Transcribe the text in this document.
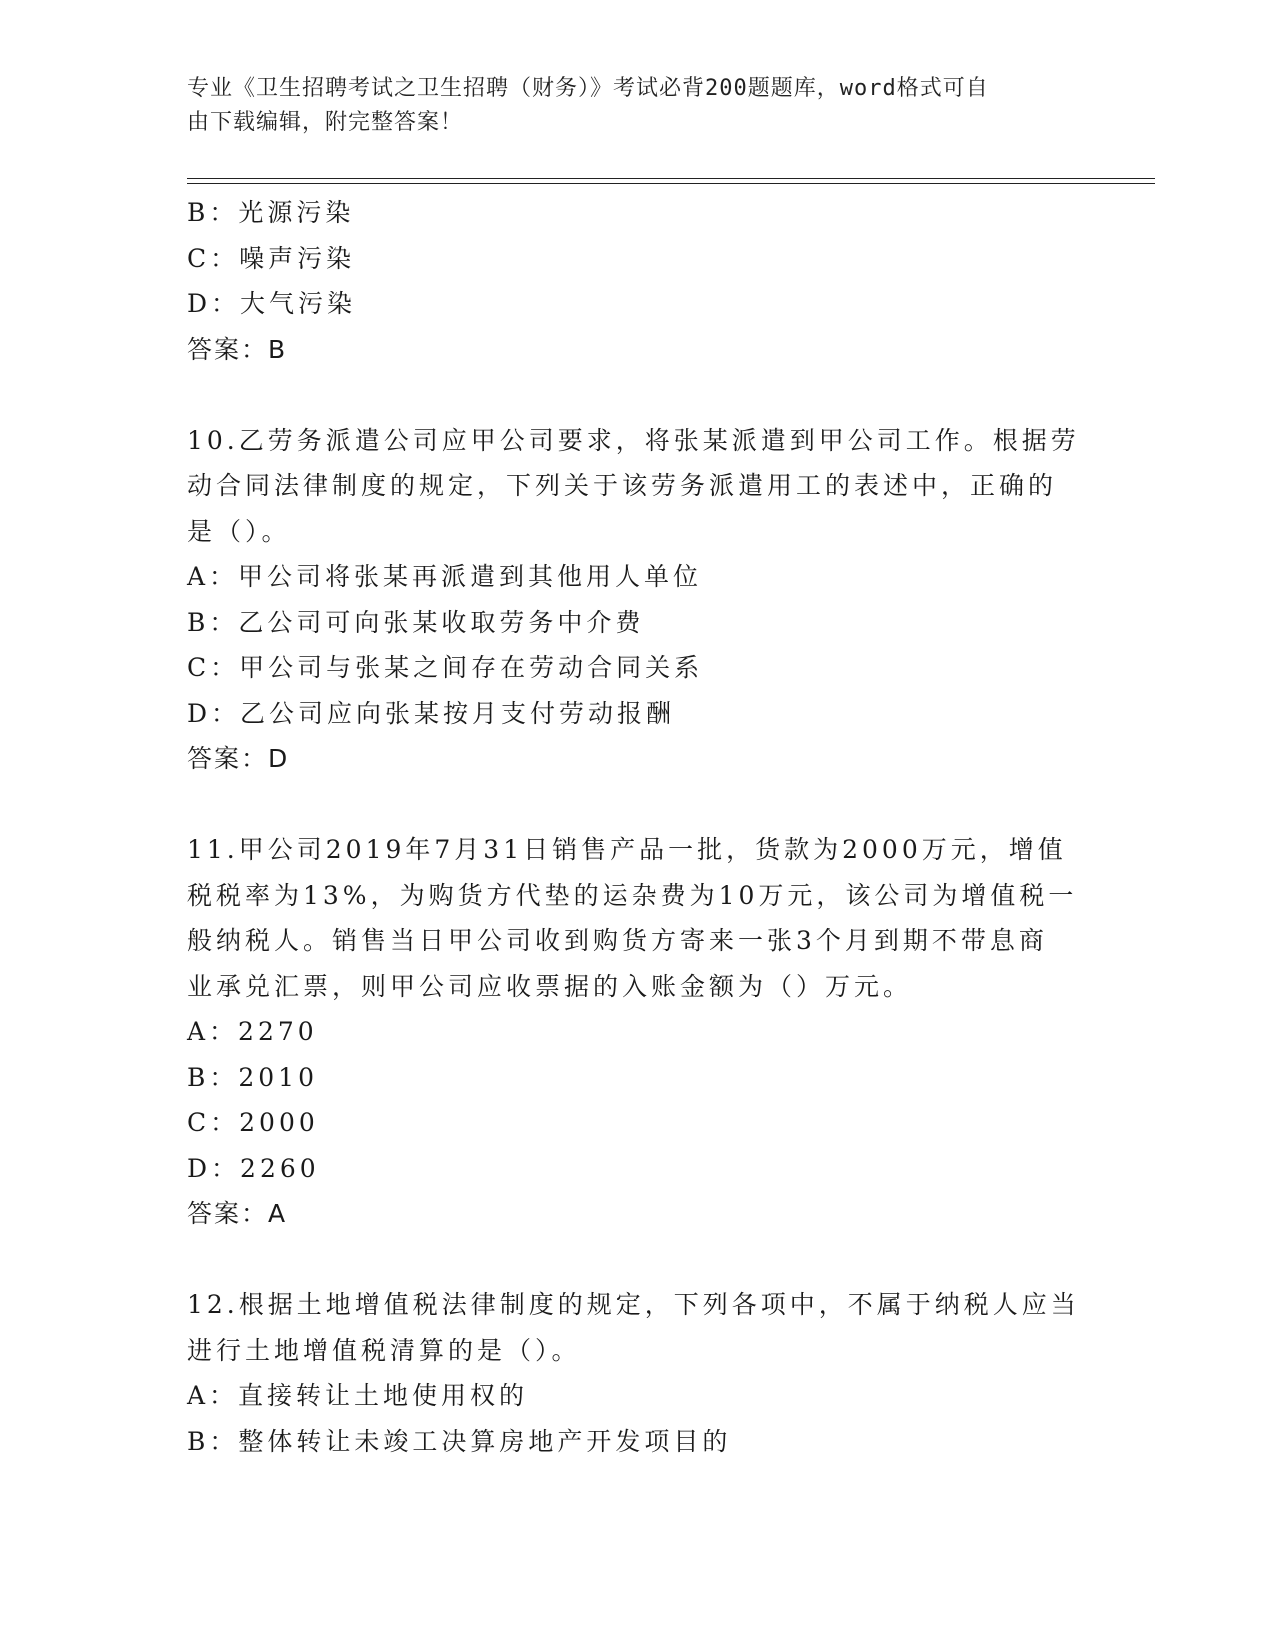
专业《卫生招聘考试之卫生招聘（财务）》考试必背200题题库，word格式可自
由下载编辑，附完整答案！
B：光源污染
C：噪声污染
D：大气污染
答案：B
10.乙劳务派遣公司应甲公司要求，将张某派遣到甲公司工作。根据劳
动合同法律制度的规定，下列关于该劳务派遣用工的表述中，正确的
是（）。
A：甲公司将张某再派遣到其他用人单位
B：乙公司可向张某收取劳务中介费
C：甲公司与张某之间存在劳动合同关系
D：乙公司应向张某按月支付劳动报酬
答案：D
11.甲公司2019年7月31日销售产品一批，货款为2000万元，增值
税税率为13%，为购货方代垫的运杂费为10万元，该公司为增值税一
般纳税人。销售当日甲公司收到购货方寄来一张3个月到期不带息商
业承兑汇票，则甲公司应收票据的入账金额为（）万元。
A：2270
B：2010
C：2000
D：2260
答案：A
12.根据土地增值税法律制度的规定，下列各项中，不属于纳税人应当
进行土地增值税清算的是（）。
A：直接转让土地使用权的
B：整体转让未竣工决算房地产开发项目的
